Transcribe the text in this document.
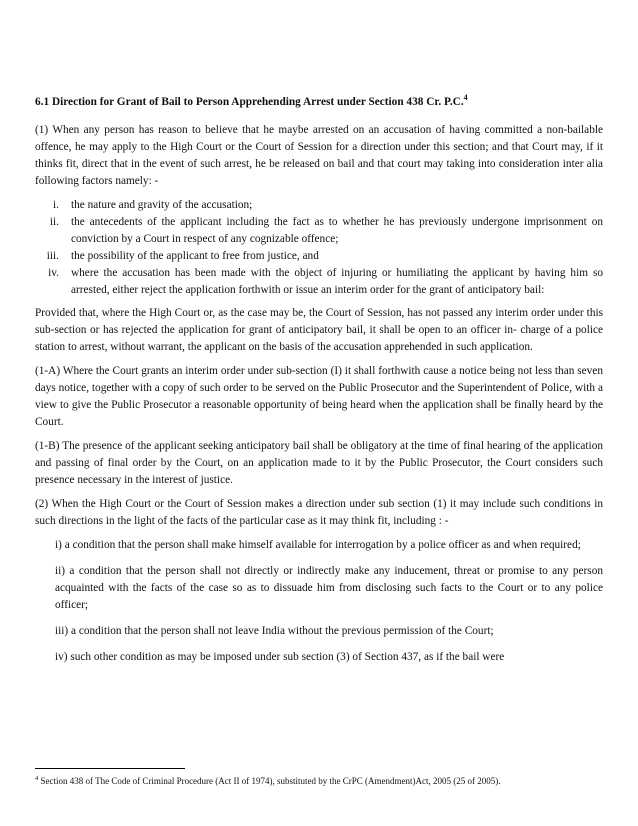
6.1 Direction for Grant of Bail to Person Apprehending Arrest under Section 438 Cr. P.C.$^4$

(1) When any person has reason to believe that he maybe arrested on an accusation of having committed a non-bailable offence, he may apply to the High Court or the Court of Session for a direction under this section; and that Court may, if it thinks fit, direct that in the event of such arrest, he be released on bail and that court may taking into consideration inter alia following factors namely: -

i.	the nature and gravity of the accusation;
ii.	the antecedents of the applicant including the fact as to whether he has previously undergone imprisonment on conviction by a Court in respect of any cognizable offence;
iii.	the possibility of the applicant to free from justice, and
iv.	where the accusation has been made with the object of injuring or humiliating the applicant by having him so arrested, either reject the application forthwith or issue an interim order for the grant of anticipatory bail:

Provided that, where the High Court or, as the case may be, the Court of Session, has not passed any interim order under this sub-section or has rejected the application for grant of anticipatory bail, it shall be open to an officer in- charge of a police station to arrest, without warrant, the applicant on the basis of the accusation apprehended in such application.

(1-A) Where the Court grants an interim order under sub-section (I) it shall forthwith cause a notice being not less than seven days notice, together with a copy of such order to be served on the Public Prosecutor and the Superintendent of Police, with a view to give the Public Prosecutor a reasonable opportunity of being heard when the application shall be finally heard by the Court.

(1-B) The presence of the applicant seeking anticipatory bail shall be obligatory at the time of final hearing of the application and passing of final order by the Court, on an application made to it by the Public Prosecutor, the Court considers such presence necessary in the interest of justice.

(2) When the High Court or the Court of Session makes a direction under sub section (1) it may include such conditions in such directions in the light of the facts of the particular case as it may think fit, including : -

i) a condition that the person shall make himself available for interrogation by a police officer as and when required;

ii) a condition that the person shall not directly or indirectly make any inducement, threat or promise to any person acquainted with the facts of the case so as to dissuade him from disclosing such facts to the Court or to any police officer;

iii) a condition that the person shall not leave India without the previous permission of the Court;

iv) such other condition as may be imposed under sub section (3) of Section 437, as if the bail were

$^4$ Section 438 of The Code of Criminal Procedure (Act II of 1974), substituted by the CrPC (Amendment)Act, 2005 (25 of 2005).
